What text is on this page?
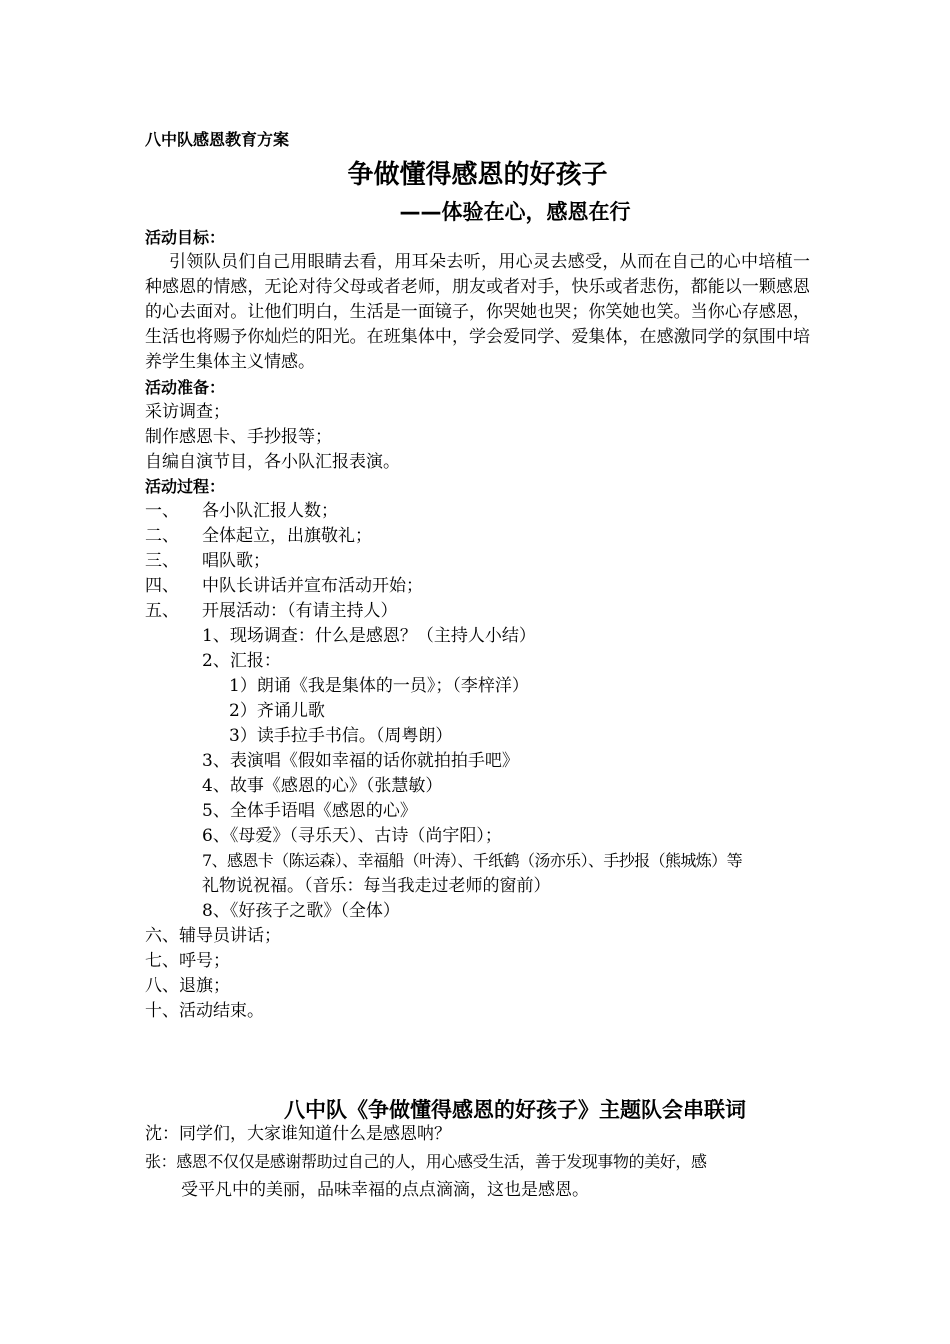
八中队感恩教育方案
争做懂得感恩的好孩子
——体验在心，感恩在行
活动目标：
引领队员们自己用眼睛去看，用耳朵去听，用心灵去感受，从而在自己的心中培植一种感恩的情感，无论对待父母或者老师，朋友或者对手，快乐或者悲伤，都能以一颗感恩的心去面对。让他们明白，生活是一面镜子，你哭她也哭；你笑她也笑。当你心存感恩，生活也将赐予你灿烂的阳光。在班集体中，学会爱同学、爱集体，在感激同学的氛围中培养学生集体主义情感。
活动准备：
采访调查；
制作感恩卡、手抄报等；
自编自演节目，各小队汇报表演。
活动过程：
一、 各小队汇报人数；
二、 全体起立，出旗敬礼；
三、 唱队歌；
四、 中队长讲话并宣布活动开始；
五、 开展活动：（有请主持人）
1、现场调查：什么是感恩？（主持人小结）
2、汇报：
1）朗诵《我是集体的一员》；（李梓洋）
2）齐诵儿歌
3）读手拉手书信。（周粤朗）
3、表演唱《假如幸福的话你就拍拍手吧》
4、故事《感恩的心》（张慧敏）
5、全体手语唱《感恩的心》
6、《母爱》（寻乐天）、古诗（尚宇阳）；
7、感恩卡（陈运森）、幸福船（叶涛）、千纸鹤（汤亦乐）、手抄报（熊城炼）等
礼物说祝福。（音乐：每当我走过老师的窗前）
8、《好孩子之歌》（全体）
六、辅导员讲话；
七、呼号；
八、退旗；
十、活动结束。
八中队《争做懂得感恩的好孩子》主题队会串联词
沈：同学们，大家谁知道什么是感恩呐？
张：感恩不仅仅是感谢帮助过自己的人，用心感受生活，善于发现事物的美好，感
受平凡中的美丽，品味幸福的点点滴滴，这也是感恩。
